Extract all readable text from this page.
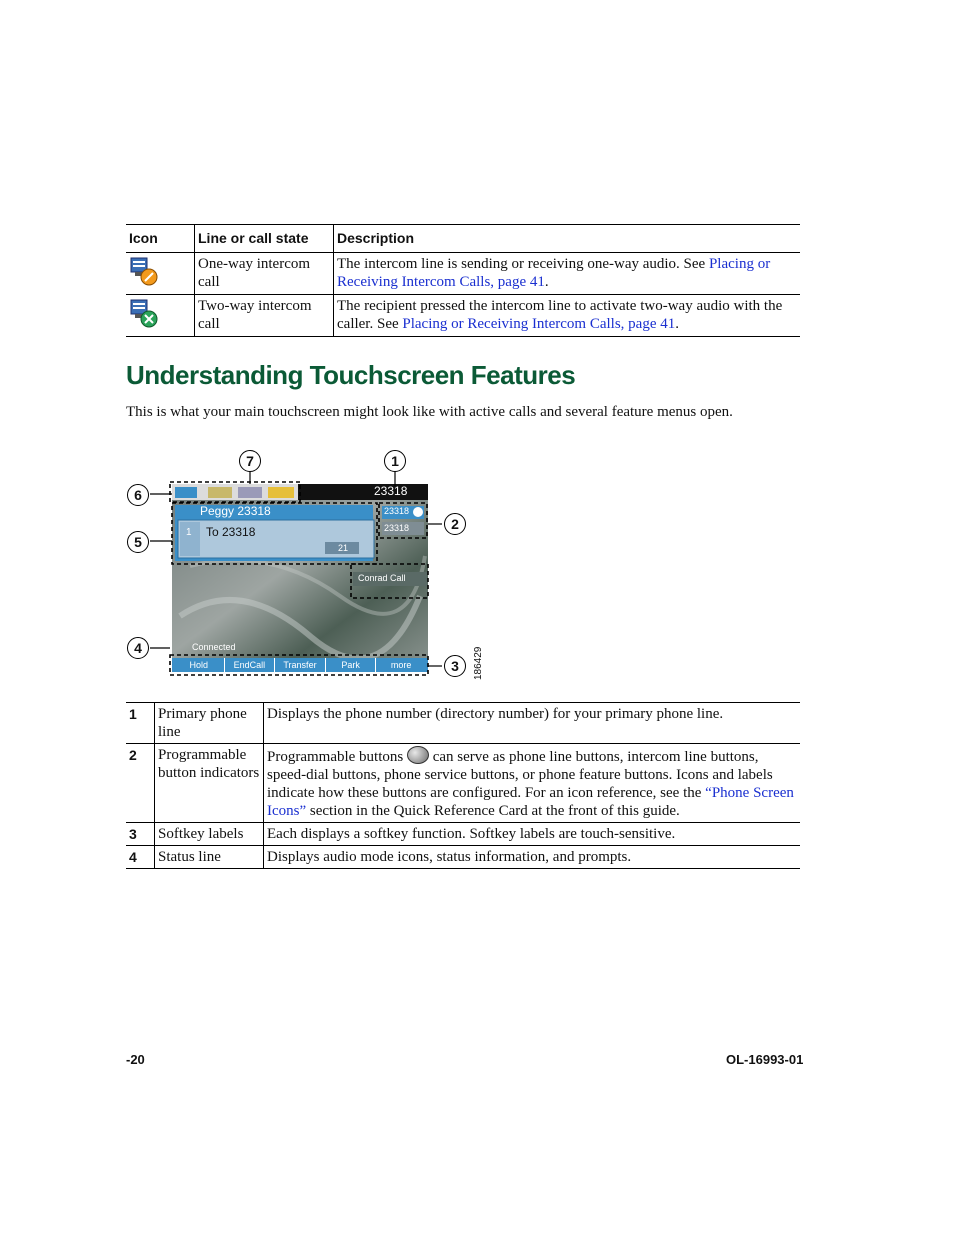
Icon	Line or call state	Description
	One-way intercom call	The intercom line is sending or receiving one-way audio. See Placing or Receiving Intercom Calls, page 41.
	Two-way intercom call	The recipient pressed the intercom line to activate two-way audio with the caller. See Placing or Receiving Intercom Calls, page 41.
Understanding Touchscreen Features

This is what your main touchscreen might look like with active calls and several feature menus open.

23318
Peggy 23318
1 To 23318
21
23318
23318
Conrad Call
Connected
Hold	EndCall	Transfer	Park	more
1
2
3
4
5
6
7
186429
1	Primary phone line	Displays the phone number (directory number) for your primary phone line.
2	Programmable button indicators	Programmable buttons  can serve as phone line buttons, intercom line buttons, speed-dial buttons, phone service buttons, or phone feature buttons. Icons and labels indicate how these buttons are configured. For an icon reference, see the “Phone Screen Icons” section in the Quick Reference Card at the front of this guide.
3	Softkey labels	Each displays a softkey function. Softkey labels are touch-sensitive.
4	Status line	Displays audio mode icons, status information, and prompts.
-20	OL-16993-01
